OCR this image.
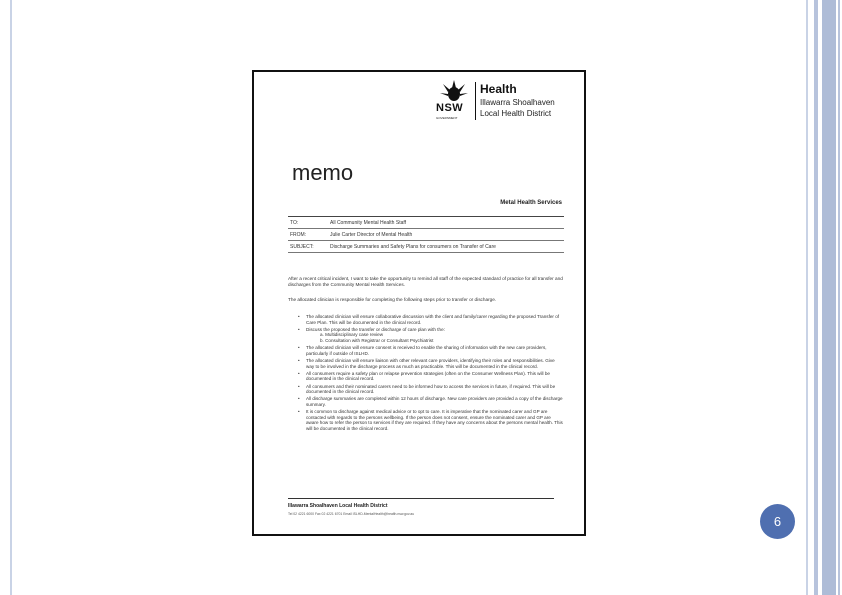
NSW
GOVERNMENT
Health
Illawarra Shoalhaven
Local Health District
memo
Metal Health Services
TO:	All Community Mental Health Staff
FROM:	Julie Carter Director of Mental Health
SUBJECT:	Discharge Summaries and Safety Plans for consumers on Transfer of Care

After a recent critical incident, I want to take the opportunity to remind all staff of the expected standard of practice for all transfer and discharges from the Community Mental Health Services.

The allocated clinician is responsible for completing the following steps prior to transfer or discharge.

• The allocated clinician will ensure collaborative discussion with the client and family/carer regarding the proposed Transfer of Care Plan. This will be documented in the clinical record.
• Discuss the proposed the transfer or discharge of care plan with the:
a. Multidisciplinary case review
b. Consultation with Registrar or Consultant Psychiatrist
• The allocated clinician will ensure consent is received to enable the sharing of information with the new care providers, particularly if outside of ISLHD.
• The allocated clinician will ensure liaison with other relevant care providers, identifying their roles and responsibilities. Give way to be involved in the discharge process as much as practicable. This will be documented in the clinical record.
• All consumers require a safety plan or relapse prevention strategies (often on the Consumer Wellness Plan). This will be documented in the clinical record.
• All consumers and their nominated carers need to be informed how to access the services in future, if required. This will be documented in the clinical record.
• All discharge summaries are completed within 12 hours of discharge. New care providers are provided a copy of the discharge summary.
• It is common to discharge against medical advice or to opt to care. It is imperative that the nominated carer and GP are contacted with regards to the persons wellbeing. If the person does not consent, ensure the nominated carer and GP are aware how to refer the person to services if they are required. If they have any concerns about the persons mental health. This will be documented in the clinical record.
Illawarra Shoalhaven Local Health District
Tel 02 4221 6000 Fax 02 4221 6701 Email ISLHD-MentalHealth@health.nsw.gov.au	6
